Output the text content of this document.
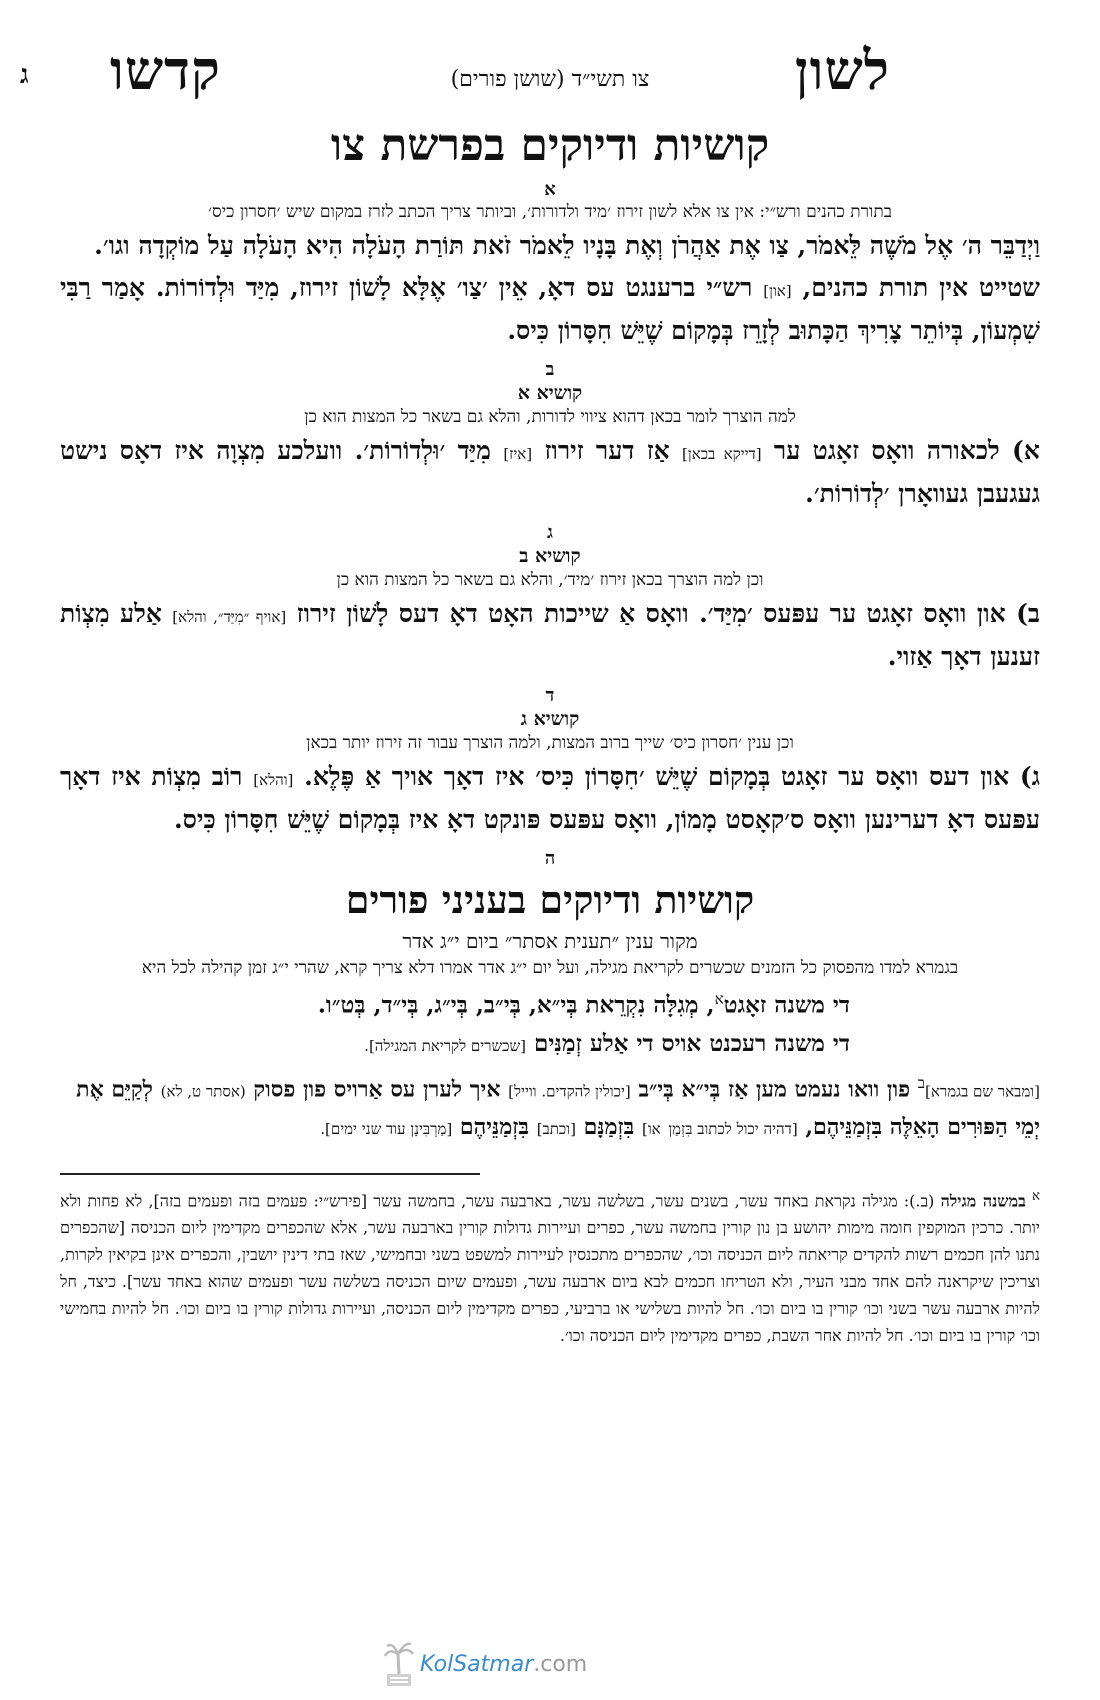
לשון
צו תשי״ד (שושן פורים)
קדשו
ג
קושיות ודיוקים בפרשת צו
א
בתורת כהנים ורש״י: אין צו אלא לשון זירוז ׳מיד ולדורות׳, וביותר צריך הכתב לזרז במקום שיש ׳חסרון כיס׳

וַיְדַבֵּר ה׳ אֶל מֹשֶׁה לֵּאמֹר, צַו אֶת אַהֲרֹן וְאֶת בָּנָיו לֵאמֹר זֹאת תּוֹרַת הָעֹלָה הִיא הָעֹלָה עַל מוֹקְדָה וגו׳.

שטייט אין תורת כהנים, [און] רש״י ברענגט עס דאָ, אֵין ׳צַו׳ אֶלָּא לָשׁוֹן זירוז, מִיַּד וּלְדוֹרוֹת. אָמַר רַבִּי שִׁמְעוֹן, בְּיוֹתֵר צָרִיךְ הַכָּתוּב לְזָרֵז בְּמָקוֹם שֶׁיֵּשׁ חִסָּרוֹן כִּיס.

ב
קושיא א
למה הוצרך לומר בכאן דהוא ציווי לדורות, והלא גם בשאר כל המצות הוא כן

א) לכאורה וואָס זאָגט ער [דייקא בכאן] אַז דער זירוז [איז] מִיַּד ׳וּלְדוֹרוֹת׳. וועלכע מִצְוָה איז דאָס נישט געגעבן געוואָרן ׳לְדוֹרוֹת׳.

ג
קושיא ב
וכן למה הוצרך בכאן זירוז ׳מיד׳, והלא גם בשאר כל המצות הוא כן

ב) און וואָס זאָגט ער עפּעס ׳מִיַּד׳. וואָס אַ שייכות האָט דאָ דעס לָשׁוֹן זירוז [אויף ״מִיַּד״, והלא] אַלע מִצְוֹת זענען דאָך אַזוי.

ד
קושיא ג
וכן ענין ׳חסרון כיס׳ שייך ברוב המצות, ולמה הוצרך עבור זה זירוז יותר בכאן

ג) און דעס וואָס ער זאָגט בְּמָקוֹם שֶׁיֵּשׁ ׳חִסָּרוֹן כִּיס׳ איז דאָך אויך אַ פֶּלֶא. [והלא] רוֹב מִצְוֹת איז דאָך עפּעס דאָ דערינען וואָס ס׳קאָסט מָמוֹן, וואָס עפּעס פּונקט דאָ איז בְּמָקוֹם שֶׁיֵּשׁ חִסָּרוֹן כִּיס.

ה
קושיות ודיוקים בעניני פורים
מקור ענין ״תענית אסתר״ ביום י״ג אדר
בגמרא למדו מהפסוק כל הזמנים שכשרים לקריאת מגילה, ועל יום י״ג אדר אמרו דלא צריך קרא, שהרי י״ג זמן קהילה לכל היא

די משנה זאָגט$^א$, מְגִלָּה נִקְרֵאת בְּי״א, בְּי״ב, בְּי״ג, בְּי״ד, בְּט״ו.

די משנה רעכנט אויס די אַלע זְמַנִּים [שכשרים לקריאת המגילה].

[ומבאר שם בגמרא]$^ב$ פון וואו נעמט מען אַז בְּי״א בְּי״ב [יכולין להקדים. ווייל] איך לערן עס אַרויס פון פסוק (אסתר ט, לא) לְקַיֵּם אֶת יְמֵי הַפּוּרִים הָאֵלֶּה בִּזְמַנֵּיהֶם, [דהיה יכול לכתוב בִּזְמַן או] בִּזְמַנָּם [וכתב] בִּזְמַנֵּיהֶם [מַרְבִּינָן עוד שני ימים].

$^א$ במשנה מגילה (ב.): מגילה נקראת באחד עשר, בשנים עשר, בשלשה עשר, בארבעה עשר, בחמשה עשר [פירש״י: פעמים בזה ופעמים בזה], לא פחות ולא יותר. כרכין המוקפין חומה מימות יהושע בן נון קורין בחמשה עשר, כפרים ועיירות גדולות קורין בארבעה עשר, אלא שהכפרים מקדימין ליום הכניסה [שהכפרים נתנו להן חכמים רשות להקדים קריאתה ליום הכניסה וכו׳, שהכפרים מתכנסין לעיירות למשפט בשני ובחמישי, שאז בתי דינין יושבין, והכפרים אינן בקיאין לקרות, וצריכין שיקראנה להם אחד מבני העיר, ולא הטריחו חכמים לבא ביום ארבעה עשר, ופעמים שיום הכניסה בשלשה עשר ופעמים שהוא באחד עשר]. כיצד, חל להיות ארבעה עשר בשני וכו׳ קורין בו ביום וכו׳. חל להיות בשלישי או ברביעי, כפרים מקדימין ליום הכניסה, ועיירות גדולות קורין בו ביום וכו׳. חל להיות בחמישי וכו׳ קורין בו ביום וכו׳. חל להיות אחר השבת, כפרים מקדימין ליום הכניסה וכו׳.

KolSatmar.com
